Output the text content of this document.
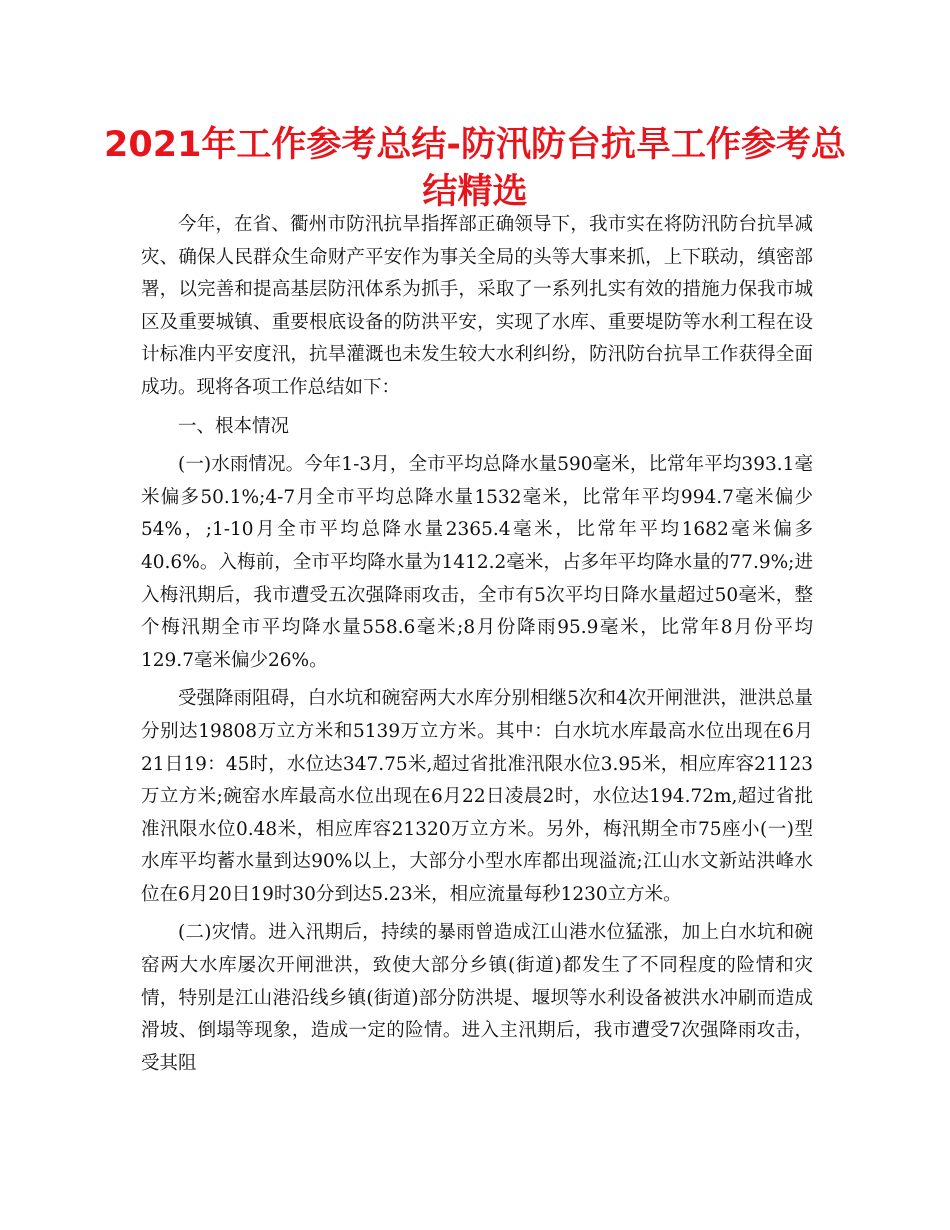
2021年工作参考总结-防汛防台抗旱工作参考总结精选

今年，在省、衢州市防汛抗旱指挥部正确领导下，我市实在将防汛防台抗旱减灾、确保人民群众生命财产平安作为事关全局的头等大事来抓，上下联动，缜密部署，以完善和提高基层防汛体系为抓手，采取了一系列扎实有效的措施力保我市城区及重要城镇、重要根底设备的防洪平安，实现了水库、重要堤防等水利工程在设计标准内平安度汛，抗旱灌溉也未发生较大水利纠纷，防汛防台抗旱工作获得全面成功。现将各项工作总结如下：

一、根本情况

(一)水雨情况。今年1-3月，全市平均总降水量590毫米，比常年平均393.1毫米偏多50.1%;4-7月全市平均总降水量1532毫米，比常年平均994.7毫米偏少54%，;1-10月全市平均总降水量2365.4毫米，比常年平均1682毫米偏多40.6%。入梅前，全市平均降水量为1412.2毫米，占多年平均降水量的77.9%;进入梅汛期后，我市遭受五次强降雨攻击，全市有5次平均日降水量超过50毫米，整个梅汛期全市平均降水量558.6毫米;8月份降雨95.9毫米，比常年8月份平均129.7毫米偏少26%。

受强降雨阻碍，白水坑和碗窑两大水库分别相继5次和4次开闸泄洪，泄洪总量分别达19808万立方米和5139万立方米。其中：白水坑水库最高水位出现在6月21日19：45时，水位达347.75米,超过省批准汛限水位3.95米，相应库容21123万立方米;碗窑水库最高水位出现在6月22日凌晨2时，水位达194.72m,超过省批准汛限水位0.48米，相应库容21320万立方米。另外，梅汛期全市75座小(一)型水库平均蓄水量到达90%以上，大部分小型水库都出现溢流;江山水文新站洪峰水位在6月20日19时30分到达5.23米，相应流量每秒1230立方米。

(二)灾情。进入汛期后，持续的暴雨曾造成江山港水位猛涨，加上白水坑和碗窑两大水库屡次开闸泄洪，致使大部分乡镇(街道)都发生了不同程度的险情和灾情，特别是江山港沿线乡镇(街道)部分防洪堤、堰坝等水利设备被洪水冲刷而造成滑坡、倒塌等现象，造成一定的险情。进入主汛期后，我市遭受7次强降雨攻击，受其阻
